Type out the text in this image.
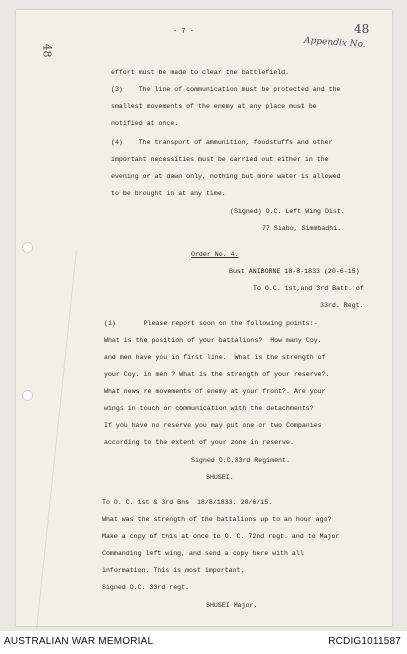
48
48
Appendix No.
- 7 -
effort must be made to clear the battlefield.
(3)    The line of communication must be protected and the
smallest movements of the enemy at any place must be
notified at once.
(4)    The transport of ammunition, foodstuffs and other
important necessities must be carried out either in the
evening or at dawn only, nothing but more water is allowed
to be brought in at any time.
(Signed) O.C. Left Wing Dist.
77 Siabo, Simmbadhi.
Order No. 4.
Bust ANIBORNE 18-8-1833 (20-6-15)
To O.C. 1st,and 3rd Batt. of
33rd. Regt.
(1)       Please report soon on the following points:-
What is the position of your battalions?  How many Coy.
and men have you in first line.  What is the strength of
your Coy. in men ? What is the strength of your reserve?.
What news re movements of enemy at your front?. Are your
wings in touch or communication with the detachments?
If you have no reserve you may put one or two Companies
according to the extent of your zone in reserve.
Signed O.C.33rd Regiment.
SHUSEI.
To O. C. 1st & 3rd Bns  18/8/1833. 20/6/15.
What was the strength of the battalions up to an hour ago?
Make a copy of this at once to O. C. 72nd regt. and to Major
Commanding left wing, and send a copy here with all
information. This is most important.
Signed O.C. 33rd regt.
SHUSEI Major.
AUSTRALIAN WAR MEMORIAL	RCDIG1011587
